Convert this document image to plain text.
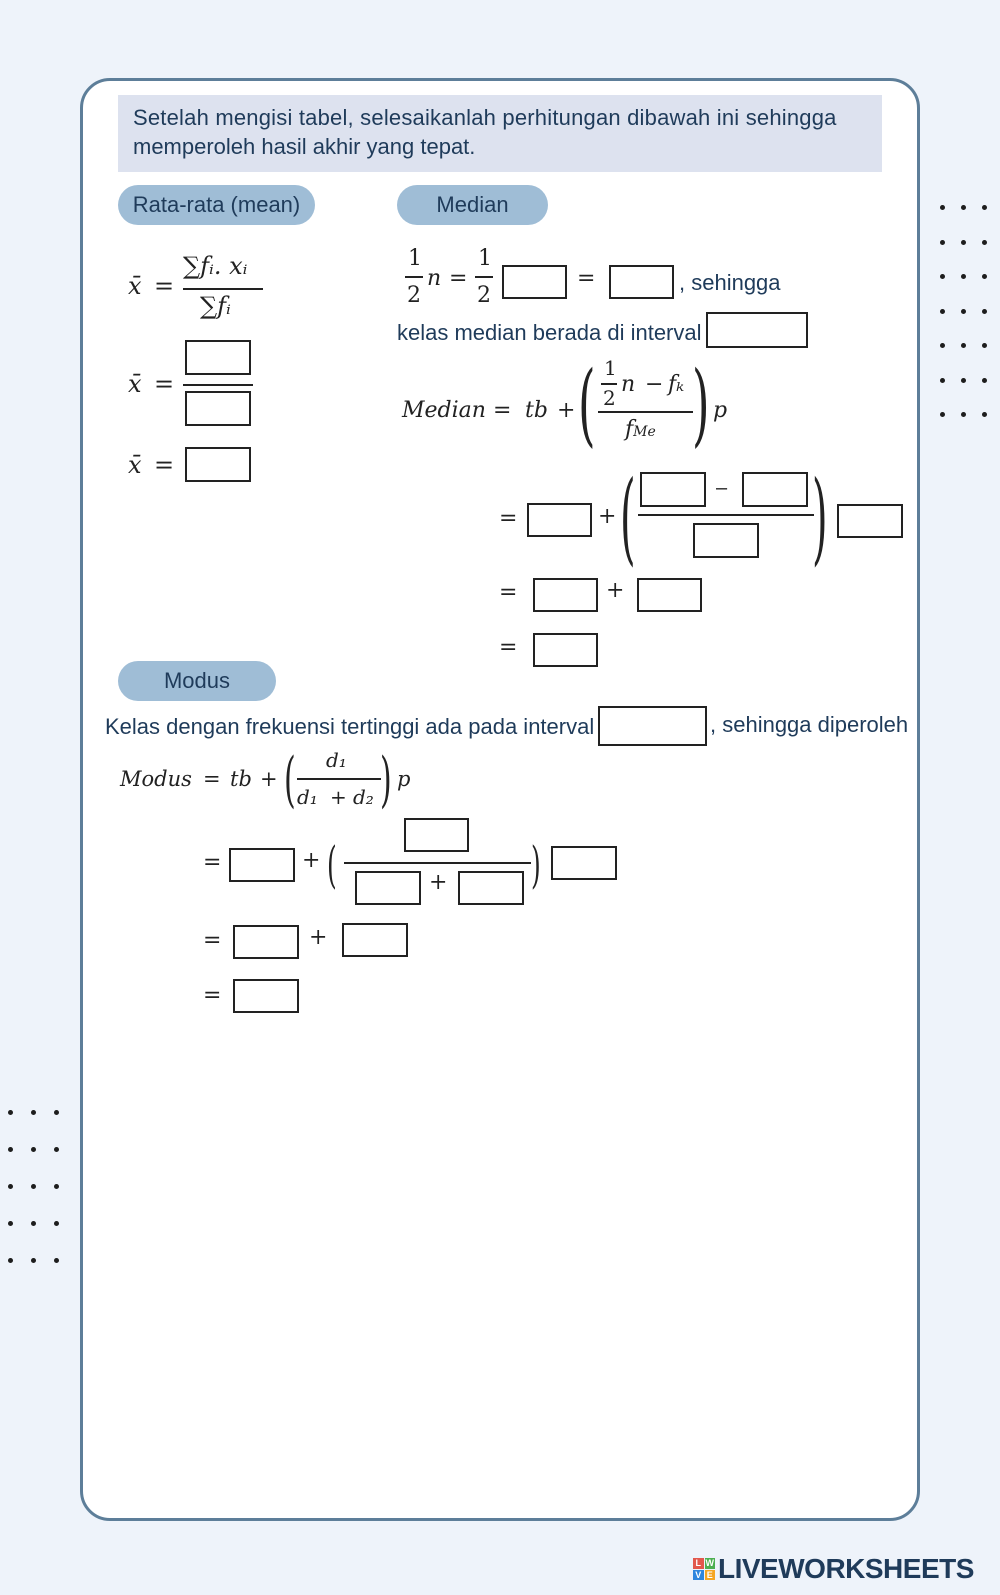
Setelah mengisi tabel, selesaikanlah perhitungan dibawah ini sehingga
memperoleh hasil akhir yang tepat.
Rata-rata (mean)	Median
Modus
x̄ =
∑fᵢ. xᵢ
∑fᵢ
x̄ =
x̄ =
1
2
n =
1
2
=	, sehingga
kelas median berada di interval
Median = tb + ( 1
2
n − fₖ
fMe ) p
=	+ (	– )
=	+
=
Kelas dengan frekuensi tertinggi ada pada interval	, sehingga diperoleh
Modus = tb + ( d₁
d₁ + d₂ ) p
=	+ (	+ )
=	+
=
L W
V E LIVEWORKSHEETS
